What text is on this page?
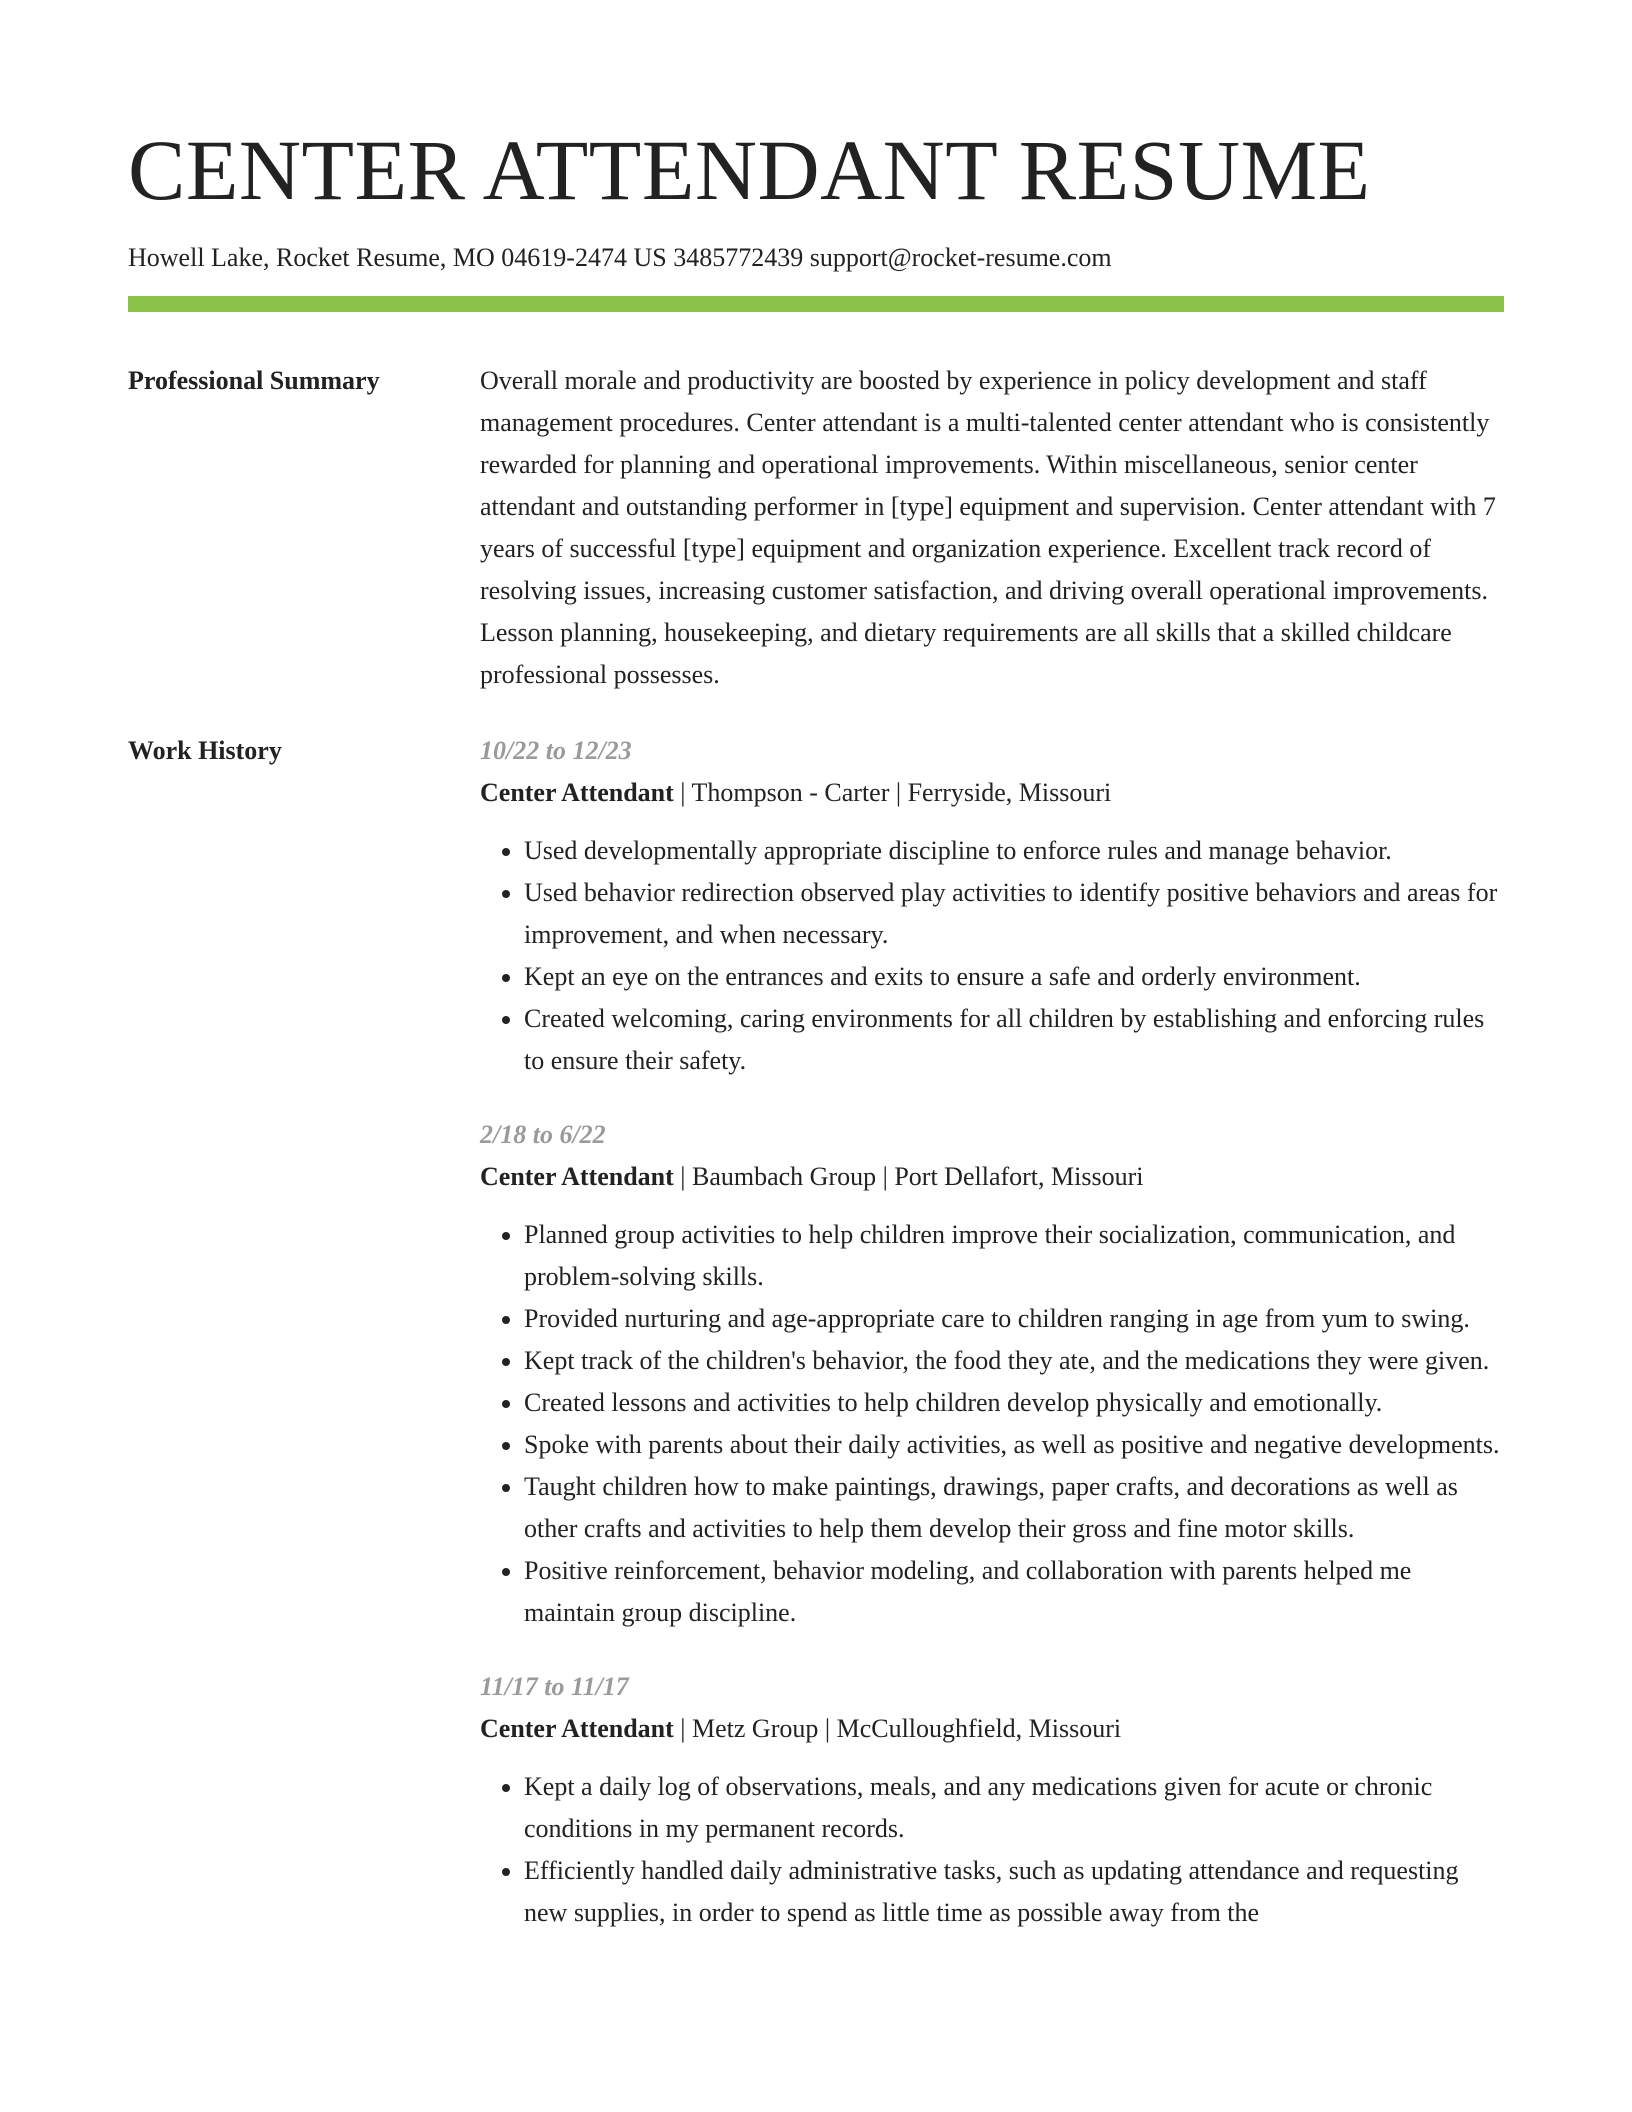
CENTER ATTENDANT RESUME
Howell Lake, Rocket Resume, MO 04619-2474 US 3485772439 support@rocket-resume.com
Professional Summary	Overall morale and productivity are boosted by experience in policy development and staff management procedures. Center attendant is a multi-talented center attendant who is consistently rewarded for planning and operational improvements. Within miscellaneous, senior center attendant and outstanding performer in [type] equipment and supervision. Center attendant with 7 years of successful [type] equipment and organization experience. Excellent track record of resolving issues, increasing customer satisfaction, and driving overall operational improvements. Lesson planning, housekeeping, and dietary requirements are all skills that a skilled childcare professional possesses.

Work History	10/22 to 12/23
Center Attendant | Thompson - Carter | Ferryside, Missouri
• Used developmentally appropriate discipline to enforce rules and manage behavior.
• Used behavior redirection observed play activities to identify positive behaviors and areas for improvement, and when necessary.
• Kept an eye on the entrances and exits to ensure a safe and orderly environment.
• Created welcoming, caring environments for all children by establishing and enforcing rules to ensure their safety.
2/18 to 6/22
Center Attendant | Baumbach Group | Port Dellafort, Missouri
• Planned group activities to help children improve their socialization, communication, and problem-solving skills.
• Provided nurturing and age-appropriate care to children ranging in age from yum to swing.
• Kept track of the children's behavior, the food they ate, and the medications they were given.
• Created lessons and activities to help children develop physically and emotionally.
• Spoke with parents about their daily activities, as well as positive and negative developments.
• Taught children how to make paintings, drawings, paper crafts, and decorations as well as other crafts and activities to help them develop their gross and fine motor skills.
• Positive reinforcement, behavior modeling, and collaboration with parents helped me maintain group discipline.
11/17 to 11/17
Center Attendant | Metz Group | McCulloughfield, Missouri
• Kept a daily log of observations, meals, and any medications given for acute or chronic conditions in my permanent records.
• Efficiently handled daily administrative tasks, such as updating attendance and requesting new supplies, in order to spend as little time as possible away from the
